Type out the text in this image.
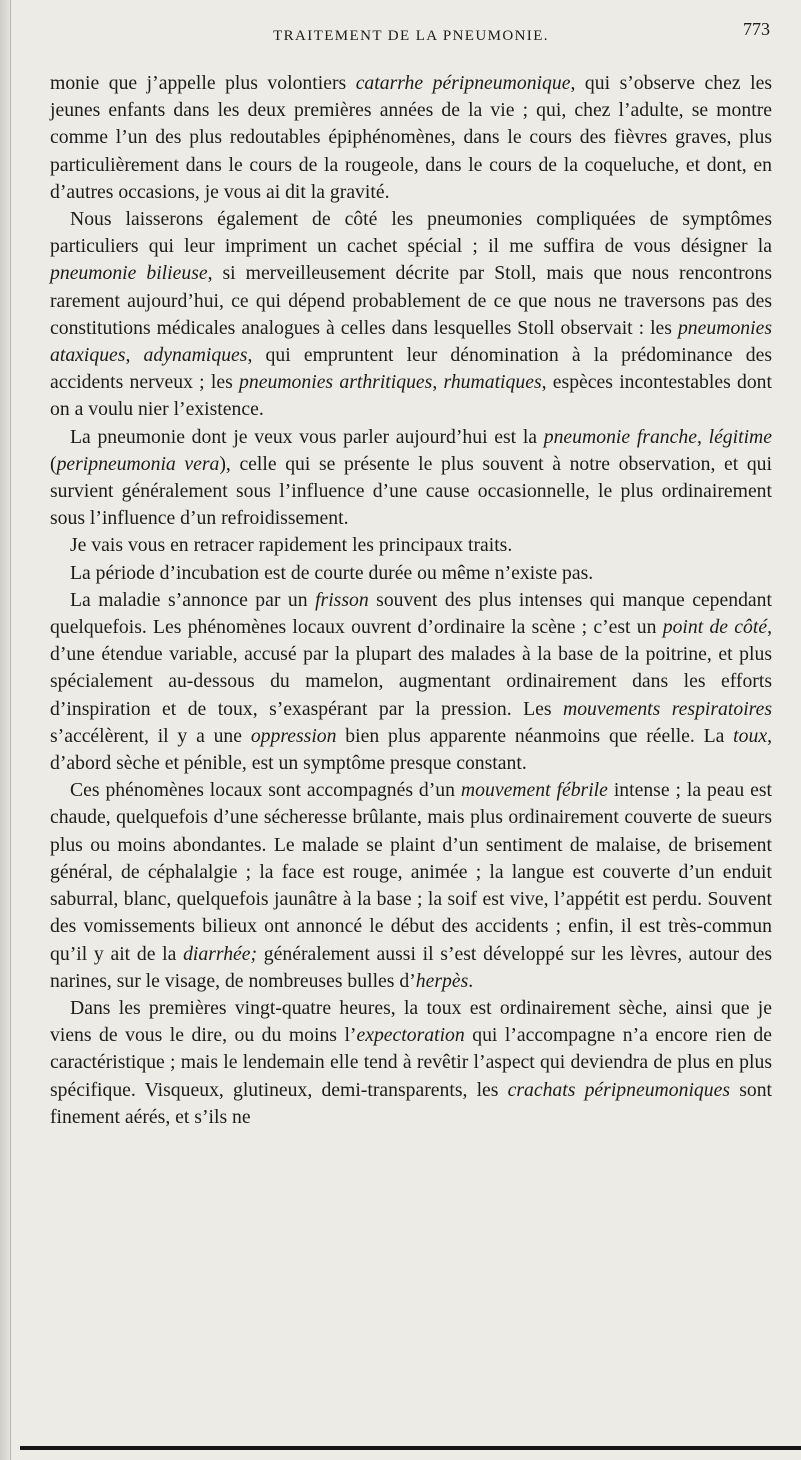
TRAITEMENT DE LA PNEUMONIE.	773

monie que j’appelle plus volontiers catarrhe péripneumonique, qui s’observe chez les jeunes enfants dans les deux premières années de la vie ; qui, chez l’adulte, se montre comme l’un des plus redoutables épiphénomènes, dans le cours des fièvres graves, plus particulièrement dans le cours de la rougeole, dans le cours de la coqueluche, et dont, en d’autres occasions, je vous ai dit la gravité.

Nous laisserons également de côté les pneumonies compliquées de symptômes particuliers qui leur impriment un cachet spécial ; il me suffira de vous désigner la pneumonie bilieuse, si merveilleusement décrite par Stoll, mais que nous rencontrons rarement aujourd’hui, ce qui dépend probablement de ce que nous ne traversons pas des constitutions médicales analogues à celles dans lesquelles Stoll observait : les pneumonies ataxiques, adynamiques, qui empruntent leur dénomination à la prédominance des accidents nerveux ; les pneumonies arthritiques, rhumatiques, espèces incontestables dont on a voulu nier l’existence.

La pneumonie dont je veux vous parler aujourd’hui est la pneumonie franche, légitime (peripneumonia vera), celle qui se présente le plus souvent à notre observation, et qui survient généralement sous l’influence d’une cause occasionnelle, le plus ordinairement sous l’influence d’un refroidissement.

Je vais vous en retracer rapidement les principaux traits.

La période d’incubation est de courte durée ou même n’existe pas.

La maladie s’annonce par un frisson souvent des plus intenses qui manque cependant quelquefois. Les phénomènes locaux ouvrent d’ordinaire la scène ; c’est un point de côté, d’une étendue variable, accusé par la plupart des malades à la base de la poitrine, et plus spécialement au-dessous du mamelon, augmentant ordinairement dans les efforts d’inspiration et de toux, s’exaspérant par la pression. Les mouvements respiratoires s’accélèrent, il y a une oppression bien plus apparente néanmoins que réelle. La toux, d’abord sèche et pénible, est un symptôme presque constant.

Ces phénomènes locaux sont accompagnés d’un mouvement fébrile intense ; la peau est chaude, quelquefois d’une sécheresse brûlante, mais plus ordinairement couverte de sueurs plus ou moins abondantes. Le malade se plaint d’un sentiment de malaise, de brisement général, de céphalalgie ; la face est rouge, animée ; la langue est couverte d’un enduit saburral, blanc, quelquefois jaunâtre à la base ; la soif est vive, l’appétit est perdu. Souvent des vomissements bilieux ont annoncé le début des accidents ; enfin, il est très-commun qu’il y ait de la diarrhée; généralement aussi il s’est développé sur les lèvres, autour des narines, sur le visage, de nombreuses bulles d’herpès.

Dans les premières vingt-quatre heures, la toux est ordinairement sèche, ainsi que je viens de vous le dire, ou du moins l’expectoration qui l’accompagne n’a encore rien de caractéristique ; mais le lendemain elle tend à revêtir l’aspect qui deviendra de plus en plus spécifique. Visqueux, glutineux, demi-transparents, les crachats péripneumoniques sont finement aérés, et s’ils ne
